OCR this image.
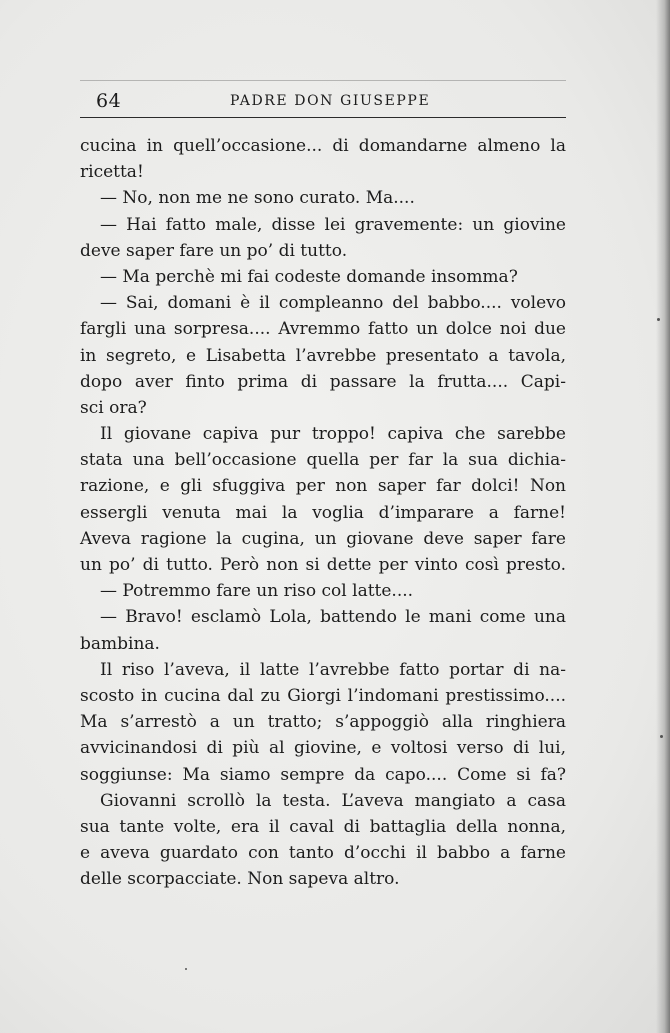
64	PADRE DON GIUSEPPE
cucina in quell’occasione... di domandarne almeno la
ricetta!
— No, non me ne sono curato. Ma....
— Hai fatto male, disse lei gravemente: un giovine
deve saper fare un po’ di tutto.
— Ma perchè mi fai codeste domande insomma?
— Sai, domani è il compleanno del babbo.... volevo
fargli una sorpresa.... Avremmo fatto un dolce noi due
in segreto, e Lisabetta l’avrebbe presentato a tavola,
dopo aver finto prima di passare la frutta.... Capi-
sci ora?
Il giovane capiva pur troppo! capiva che sarebbe
stata una bell’occasione quella per far la sua dichia-
razione, e gli sfuggiva per non saper far dolci! Non
essergli venuta mai la voglia d’imparare a farne!
Aveva ragione la cugina, un giovane deve saper fare
un po’ di tutto. Però non si dette per vinto così presto.
— Potremmo fare un riso col latte....
— Bravo! esclamò Lola, battendo le mani come una
bambina.
Il riso l’aveva, il latte l’avrebbe fatto portar di na-
scosto in cucina dal zu Giorgi l’indomani prestissimo....
Ma s’arrestò a un tratto; s’appoggiò alla ringhiera
avvicinandosi di più al giovine, e voltosi verso di lui,
soggiunse: Ma siamo sempre da capo.... Come si fa?
Giovanni scrollò la testa. L’aveva mangiato a casa
sua tante volte, era il caval di battaglia della nonna,
e aveva guardato con tanto d’occhi il babbo a farne
delle scorpacciate. Non sapeva altro.
